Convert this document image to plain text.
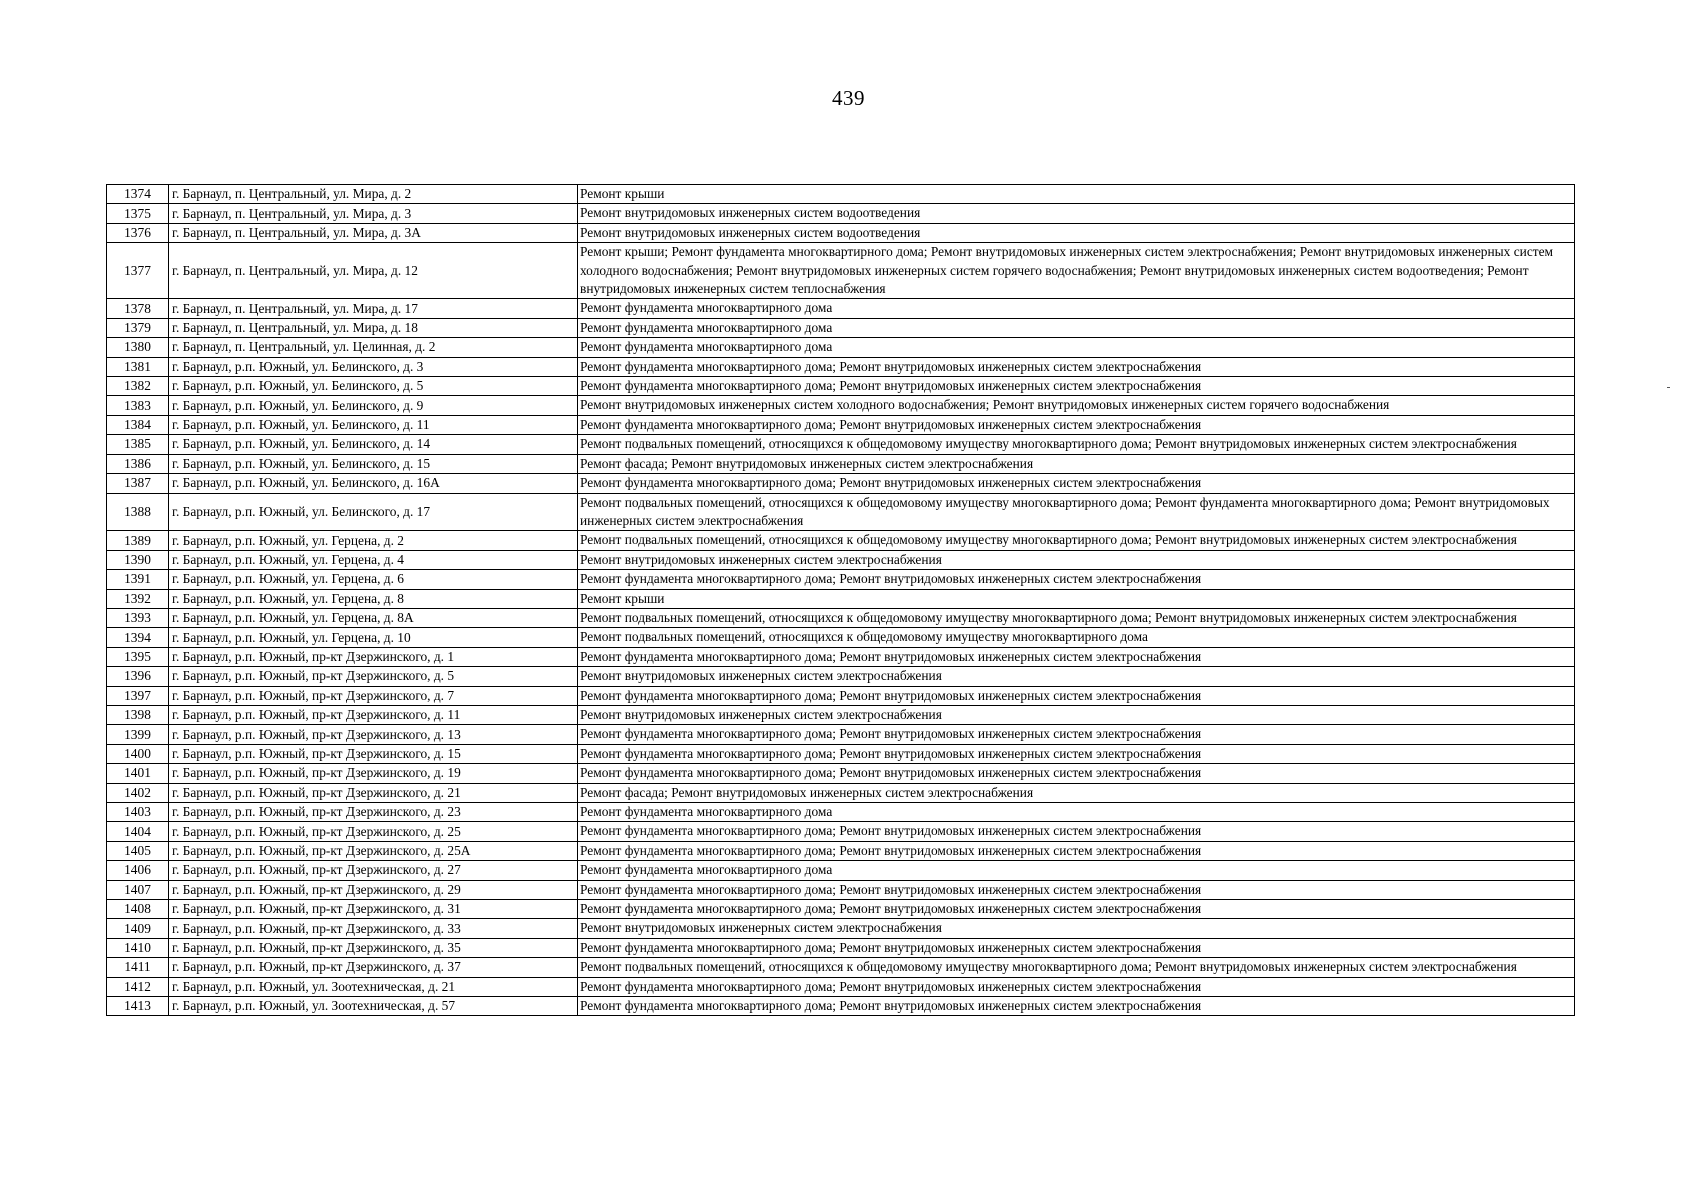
439
1374	г. Барнаул, п. Центральный, ул. Мира, д. 2	Ремонт крыши
1375	г. Барнаул, п. Центральный, ул. Мира, д. 3	Ремонт внутридомовых инженерных систем водоотведения
1376	г. Барнаул, п. Центральный, ул. Мира, д. 3А	Ремонт внутридомовых инженерных систем водоотведения
1377	г. Барнаул, п. Центральный, ул. Мира, д. 12	Ремонт крыши; Ремонт фундамента многоквартирного дома; Ремонт внутридомовых инженерных систем электроснабжения; Ремонт внутридомовых инженерных систем холодного водоснабжения; Ремонт внутридомовых инженерных систем горячего водоснабжения; Ремонт внутридомовых инженерных систем водоотведения; Ремонт внутридомовых инженерных систем теплоснабжения
1378	г. Барнаул, п. Центральный, ул. Мира, д. 17	Ремонт фундамента многоквартирного дома
1379	г. Барнаул, п. Центральный, ул. Мира, д. 18	Ремонт фундамента многоквартирного дома
1380	г. Барнаул, п. Центральный, ул. Целинная, д. 2	Ремонт фундамента многоквартирного дома
1381	г. Барнаул, р.п. Южный, ул. Белинского, д. 3	Ремонт фундамента многоквартирного дома; Ремонт внутридомовых инженерных систем электроснабжения
1382	г. Барнаул, р.п. Южный, ул. Белинского, д. 5	Ремонт фундамента многоквартирного дома; Ремонт внутридомовых инженерных систем электроснабжения
1383	г. Барнаул, р.п. Южный, ул. Белинского, д. 9	Ремонт внутридомовых инженерных систем холодного водоснабжения; Ремонт внутридомовых инженерных систем горячего водоснабжения
1384	г. Барнаул, р.п. Южный, ул. Белинского, д. 11	Ремонт фундамента многоквартирного дома; Ремонт внутридомовых инженерных систем электроснабжения
1385	г. Барнаул, р.п. Южный, ул. Белинского, д. 14	Ремонт подвальных помещений, относящихся к общедомовому имуществу многоквартирного дома; Ремонт внутридомовых инженерных систем электроснабжения
1386	г. Барнаул, р.п. Южный, ул. Белинского, д. 15	Ремонт фасада; Ремонт внутридомовых инженерных систем электроснабжения
1387	г. Барнаул, р.п. Южный, ул. Белинского, д. 16А	Ремонт фундамента многоквартирного дома; Ремонт внутридомовых инженерных систем электроснабжения
1388	г. Барнаул, р.п. Южный, ул. Белинского, д. 17	Ремонт подвальных помещений, относящихся к общедомовому имуществу многоквартирного дома; Ремонт фундамента многоквартирного дома; Ремонт внутридомовых инженерных систем электроснабжения
1389	г. Барнаул, р.п. Южный, ул. Герцена, д. 2	Ремонт подвальных помещений, относящихся к общедомовому имуществу многоквартирного дома; Ремонт внутридомовых инженерных систем электроснабжения
1390	г. Барнаул, р.п. Южный, ул. Герцена, д. 4	Ремонт внутридомовых инженерных систем электроснабжения
1391	г. Барнаул, р.п. Южный, ул. Герцена, д. 6	Ремонт фундамента многоквартирного дома; Ремонт внутридомовых инженерных систем электроснабжения
1392	г. Барнаул, р.п. Южный, ул. Герцена, д. 8	Ремонт крыши
1393	г. Барнаул, р.п. Южный, ул. Герцена, д. 8А	Ремонт подвальных помещений, относящихся к общедомовому имуществу многоквартирного дома; Ремонт внутридомовых инженерных систем электроснабжения
1394	г. Барнаул, р.п. Южный, ул. Герцена, д. 10	Ремонт подвальных помещений, относящихся к общедомовому имуществу многоквартирного дома
1395	г. Барнаул, р.п. Южный, пр-кт Дзержинского, д. 1	Ремонт фундамента многоквартирного дома; Ремонт внутридомовых инженерных систем электроснабжения
1396	г. Барнаул, р.п. Южный, пр-кт Дзержинского, д. 5	Ремонт внутридомовых инженерных систем электроснабжения
1397	г. Барнаул, р.п. Южный, пр-кт Дзержинского, д. 7	Ремонт фундамента многоквартирного дома; Ремонт внутридомовых инженерных систем электроснабжения
1398	г. Барнаул, р.п. Южный, пр-кт Дзержинского, д. 11	Ремонт внутридомовых инженерных систем электроснабжения
1399	г. Барнаул, р.п. Южный, пр-кт Дзержинского, д. 13	Ремонт фундамента многоквартирного дома; Ремонт внутридомовых инженерных систем электроснабжения
1400	г. Барнаул, р.п. Южный, пр-кт Дзержинского, д. 15	Ремонт фундамента многоквартирного дома; Ремонт внутридомовых инженерных систем электроснабжения
1401	г. Барнаул, р.п. Южный, пр-кт Дзержинского, д. 19	Ремонт фундамента многоквартирного дома; Ремонт внутридомовых инженерных систем электроснабжения
1402	г. Барнаул, р.п. Южный, пр-кт Дзержинского, д. 21	Ремонт фасада; Ремонт внутридомовых инженерных систем электроснабжения
1403	г. Барнаул, р.п. Южный, пр-кт Дзержинского, д. 23	Ремонт фундамента многоквартирного дома
1404	г. Барнаул, р.п. Южный, пр-кт Дзержинского, д. 25	Ремонт фундамента многоквартирного дома; Ремонт внутридомовых инженерных систем электроснабжения
1405	г. Барнаул, р.п. Южный, пр-кт Дзержинского, д. 25А	Ремонт фундамента многоквартирного дома; Ремонт внутридомовых инженерных систем электроснабжения
1406	г. Барнаул, р.п. Южный, пр-кт Дзержинского, д. 27	Ремонт фундамента многоквартирного дома
1407	г. Барнаул, р.п. Южный, пр-кт Дзержинского, д. 29	Ремонт фундамента многоквартирного дома; Ремонт внутридомовых инженерных систем электроснабжения
1408	г. Барнаул, р.п. Южный, пр-кт Дзержинского, д. 31	Ремонт фундамента многоквартирного дома; Ремонт внутридомовых инженерных систем электроснабжения
1409	г. Барнаул, р.п. Южный, пр-кт Дзержинского, д. 33	Ремонт внутридомовых инженерных систем электроснабжения
1410	г. Барнаул, р.п. Южный, пр-кт Дзержинского, д. 35	Ремонт фундамента многоквартирного дома; Ремонт внутридомовых инженерных систем электроснабжения
1411	г. Барнаул, р.п. Южный, пр-кт Дзержинского, д. 37	Ремонт подвальных помещений, относящихся к общедомовому имуществу многоквартирного дома; Ремонт внутридомовых инженерных систем электроснабжения
1412	г. Барнаул, р.п. Южный, ул. Зоотехническая, д. 21	Ремонт фундамента многоквартирного дома; Ремонт внутридомовых инженерных систем электроснабжения
1413	г. Барнаул, р.п. Южный, ул. Зоотехническая, д. 57	Ремонт фундамента многоквартирного дома; Ремонт внутридомовых инженерных систем электроснабжения
